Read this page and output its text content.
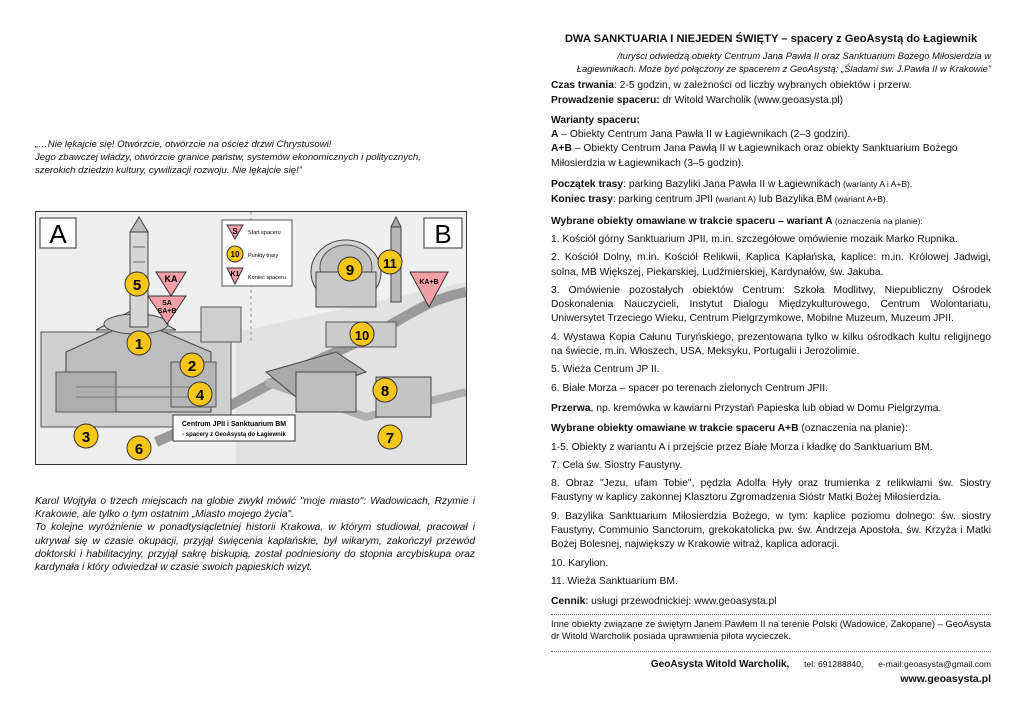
„…Nie lękajcie się! Otwórzcie, otwórzcie na oścież drzwi Chrystusowi!
Jego zbawczej władzy, otwórzcie granice państw, systemów ekonomicznych i politycznych,
szerokich dziedzin kultury, cywilizacji rozwoju. Nie lękajcie się!”
A	B
S Start spaceru
10 Punkty trasy
K1 Koniec spaceru
KA
SA
SA+B
KA+B
1
2
3
4
5
6
8
7
9
10
11
Centrum JPII i Sanktuarium BM
- spacery z GeoAsystą do Łagiewnik
Karol Wojtyła o trzech miejscach na globie zwykł mówić "moje miasto": Wadowicach, Rzymie i Krakowie, ale tylko o tym ostatnim „Miasto mojego życia".
To kolejne wyróżnienie w ponadtysiącletniej historii Krakowa, w którym studiował, pracował i ukrywał się w czasie okupacji, przyjął święcenia kapłańskie, był wikarym, zakończył przewód doktorski i habilitacyjny, przyjął sakrę biskupią, został podniesiony do stopnia arcybiskupa oraz kardynała i który odwiedzał w czasie swoich papieskich wizyt.

DWA SANKTUARIA I NIEJEDEN ŚWIĘTY – spacery z GeoAsystą do Łagiewnik

/turyści odwiedzą obiekty Centrum Jana Pawła II oraz Sanktuarium Bożego Miłosierdzia w

Łagiewnikach. Może być połączony ze spacerem z GeoAsystą: „Śladami św. J.Pawła II w Krakowie”

Czas trwania: 2-5 godzin, w zależności od liczby wybranych obiektów i przerw.

Prowadzenie spaceru: dr Witold Warcholik (www.geoasysta.pl)

Warianty spaceru:

A – Obiekty Centrum Jana Pawła II w Łagiewnikach (2–3 godzin).

A+B – Obiekty Centrum Jana Pawłą II w Łagiewnikach oraz obiekty Sanktuarium Bożego Miłosierdzia w Łagiewnikach (3–5 godzin).

Początek trasy: parking Bazyliki Jana Pawła II w Łagiewnikach (warianty A i A+B).

Koniec trasy: parking centrum JPII (wariant A) lub Bazylika BM (wariant A+B).

Wybrane obiekty omawiane w trakcie spaceru – wariant A (oznaczenia na planie):

1. Kościół górny Sanktuarium JPII, m.in. szczegółowe omówienie mozaik Marko Rupnika.

2. Kościół Dolny, m.in. Kościół Relikwii, Kaplica Kapłańska, kaplice: m.in. Królowej Jadwigi, solna, MB Większej, Piekarskiej, Ludźmierskiej, Kardynałów, św. Jakuba.

3. Omówienie pozostałych obiektów Centrum: Szkoła Modlitwy, Niepubliczny Ośrodek Doskonalenia Nauczycieli, Instytut Dialogu Międzykulturowego, Centrum Wolontariatu, Uniwersytet Trzeciego Wieku, Centrum Pielgrzymkowe, Mobilne Muzeum, Muzeum JPII.

4. Wystawa Kopia Całunu Turyńskiego, prezentowana tylko w kilku ośrodkach kultu religijnego na świecie, m.in. Włoszech, USA, Meksyku, Portugalii i Jerozolimie.

5. Wieża Centrum JP II.

6. Białe Morza – spacer po terenach zielonych Centrum JPII.

Przerwa, np. kremówka w kawiarni Przystań Papieska lub obiad w Domu Pielgrzyma.

Wybrane obiekty omawiane w trakcie spaceru A+B (oznaczenia na planie):

1-5. Obiekty z wariantu A i przejście przez Białe Morza i kładkę do Sanktuarium BM.

7. Cela św. Siostry Faustyny.

8. Obraz "Jezu, ufam Tobie", pędzla Adolfa Hyły oraz trumienka z relikwiami św. Siostry Faustyny w kaplicy zakonnej Klasztoru Zgromadzenia Sióstr Matki Bożej Miłosierdzia.

9. Bazylika Sanktuarium Miłosierdzia Bożego, w tym: kaplice poziomu dolnego: św. siostry Faustyny, Communio Sanctorum, grekokatolicka pw. św. Andrzeja Apostoła, św. Krzyża i Matki Bożej Bolesnej, największy w Krakowie witraż, kaplica adoracji.

10. Karylion.

11. Wieża Sanktuarium BM.

Cennik: usługi przewodnickiej: www.geoasysta.pl

Inne obiekty związane ze świętym Janem Pawłem II na terenie Polski (Wadowice, Zakopane) – GeoAsysta dr Witold Warcholik posiada uprawnienia pilota wycieczek.

GeoAsysta Witold Warcholik, tel: 691288840, e-mail:geoasysta@gmail.com www.geoasysta.pl
